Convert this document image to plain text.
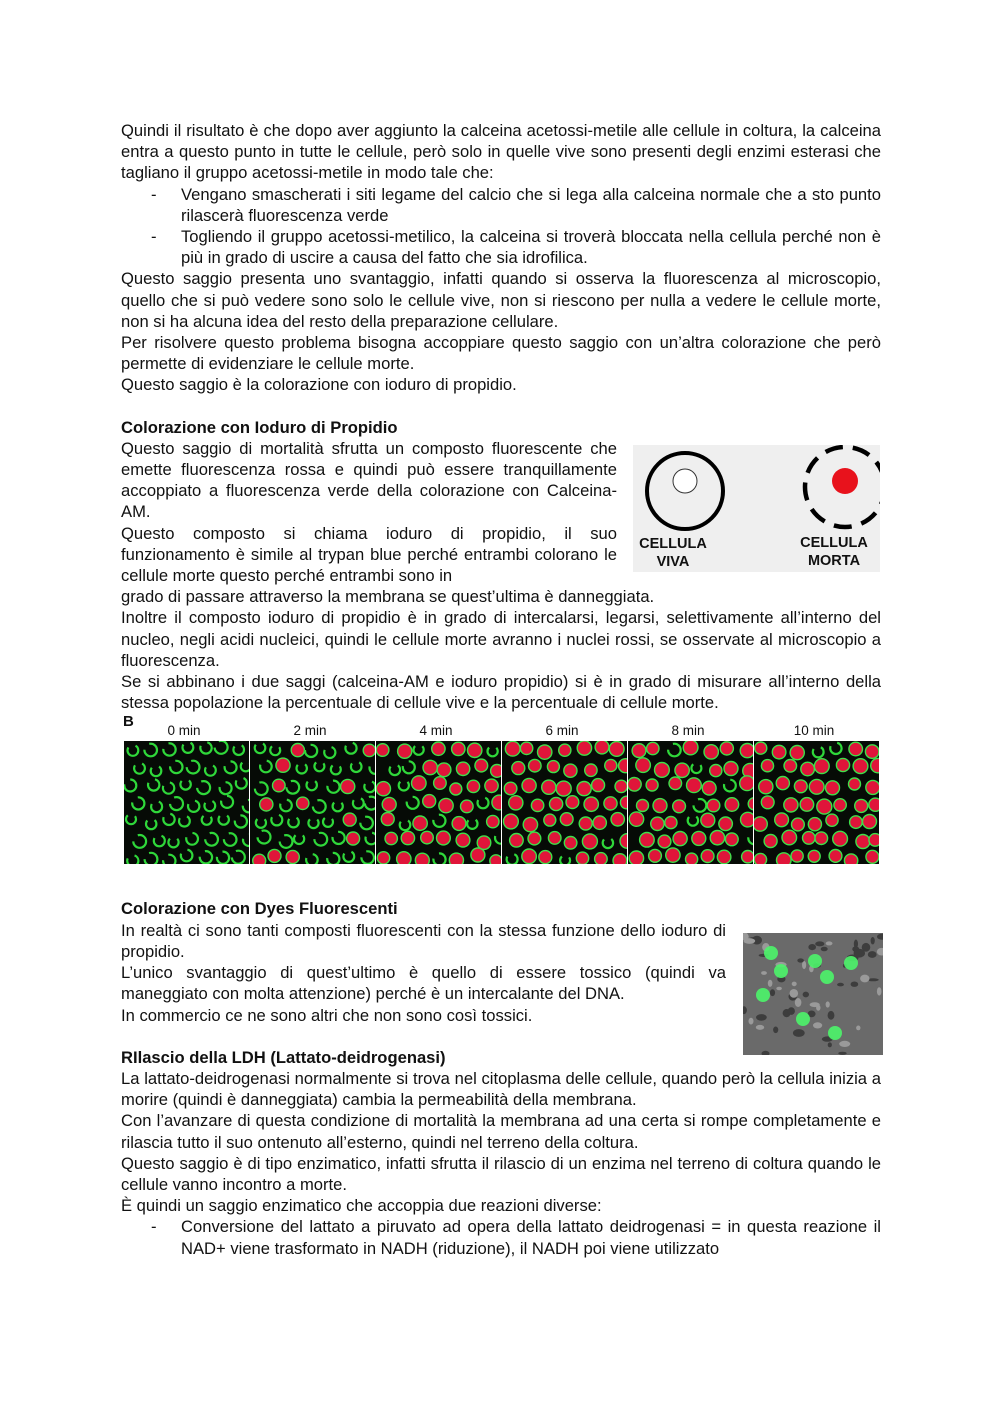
Quindi il risultato è che dopo aver aggiunto la calceina acetossi-metile alle cellule in coltura, la calceina entra a questo punto in tutte le cellule, però solo in quelle vive sono presenti degli enzimi esterasi che tagliano il gruppo acetossi-metile in modo tale che:

- Vengano smascherati i siti legame del calcio che si lega alla calceina normale che a sto punto rilascerà fluorescenza verde

- Togliendo il gruppo acetossi-metilico, la calceina si troverà bloccata nella cellula perché non è più in grado di uscire a causa del fatto che sia idrofilica.

Questo saggio presenta uno svantaggio, infatti quando si osserva la fluorescenza al microscopio, quello che si può vedere sono solo le cellule vive, non si riescono per nulla a vedere le cellule morte, non si ha alcuna idea del resto della preparazione cellulare.

Per risolvere questo problema bisogna accoppiare questo saggio con un’altra colorazione che però permette di evidenziare le cellule morte.

Questo saggio è la colorazione con ioduro di propidio.

Colorazione con Ioduro di Propidio

Questo saggio di mortalità sfrutta un composto fluorescente che emette fluorescenza rossa e quindi può essere tranquillamente accoppiato a fluorescenza verde della colorazione con Calceina-AM.

Questo composto si chiama ioduro di propidio, il suo funzionamento è simile al trypan blue perché entrambi colorano le cellule morte questo perché entrambi sono in

grado di passare attraverso la membrana se quest’ultima è danneggiata.

Inoltre il composto ioduro di propidio è in grado di intercalarsi, legarsi, selettivamente all’interno del nucleo, negli acidi nucleici, quindi le cellule morte avranno i nuclei rossi, se osservate al microscopio a fluorescenza.

Se si abbinano i due saggi (calceina-AM e ioduro propidio) si è in grado di misurare all’interno della stessa popolazione la percentuale di cellule vive e la percentuale di cellule morte.

B
0 min	2 min	4 min	6 min	8 min	10 min

Colorazione con Dyes Fluorescenti

In realtà ci sono tanti composti fluorescenti con la stessa funzione dello ioduro di propidio.

L’unico svantaggio di quest’ultimo è quello di essere tossico (quindi va maneggiato con molta attenzione) perché è un intercalante del DNA.

In commercio ce ne sono altri che non sono così tossici.

RIlascio della LDH (Lattato-deidrogenasi)

La lattato-deidrogenasi normalmente si trova nel citoplasma delle cellule, quando però la cellula inizia a morire (quindi è danneggiata) cambia la permeabilità della membrana.

Con l’avanzare di questa condizione di mortalità la membrana ad una certa si rompe completamente e rilascia tutto il suo ontenuto all’esterno, quindi nel terreno della coltura.

Questo saggio è di tipo enzimatico, infatti sfrutta il rilascio di un enzima nel terreno di coltura quando le cellule vanno incontro a morte.

È quindi un saggio enzimatico che accoppia due reazioni diverse:

- Conversione del lattato a piruvato ad opera della lattato deidrogenasi = in questa reazione il NAD+ viene trasformato in NADH (riduzione), il NADH poi viene utilizzato

CELLULA VIVA
CELLULA MORTA
